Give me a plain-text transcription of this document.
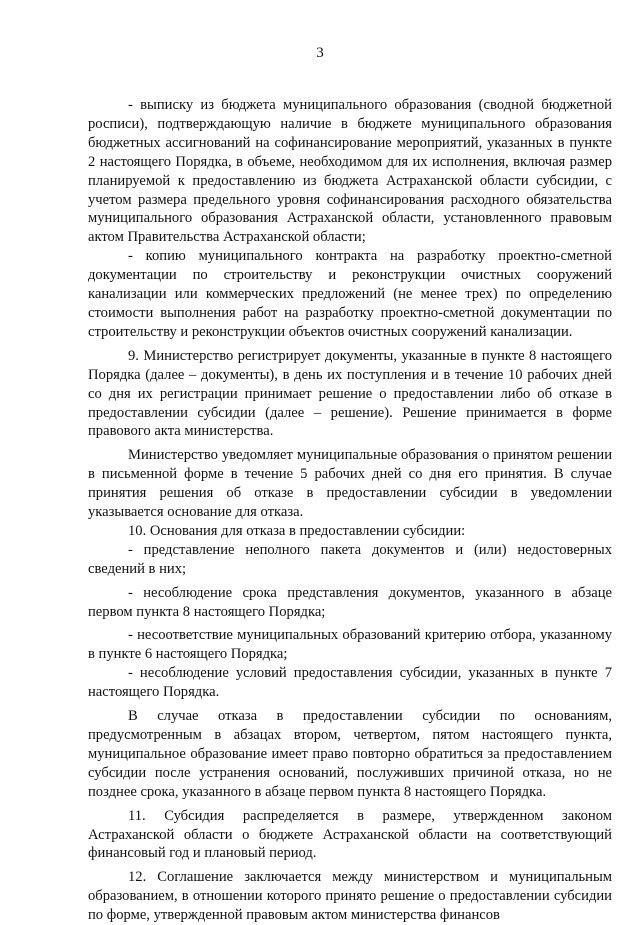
3

- выписку из бюджета муниципального образования (сводной бюджетной росписи), подтверждающую наличие в бюджете муниципального образования бюджетных ассигнований на софинансирование мероприятий, указанных в пункте 2 настоящего Порядка, в объеме, необходимом для их исполнения, включая размер планируемой к предоставлению из бюджета Астраханской области субсидии, с учетом размера предельного уровня софинансирования расходного обязательства муниципального образования Астраханской области, установленного правовым актом Правительства Астраханской области;

- копию муниципального контракта на разработку проектно-сметной документации по строительству и реконструкции очистных сооружений канализации или коммерческих предложений (не менее трех) по определению стоимости выполнения работ на разработку проектно-сметной документации по строительству и реконструкции объектов очистных сооружений канализации.

9. Министерство регистрирует документы, указанные в пункте 8 настоящего Порядка (далее – документы), в день их поступления и в течение 10 рабочих дней со дня их регистрации принимает решение о предоставлении либо об отказе в предоставлении субсидии (далее – решение). Решение принимается в форме правового акта министерства.

Министерство уведомляет муниципальные образования о принятом решении в письменной форме в течение 5 рабочих дней со дня его принятия. В случае принятия решения об отказе в предоставлении субсидии в уведомлении указывается основание для отказа.

10. Основания для отказа в предоставлении субсидии:

- представление неполного пакета документов и (или) недостоверных сведений в них;

- несоблюдение срока представления документов, указанного в абзаце первом пункта 8 настоящего Порядка;

- несоответствие муниципальных образований критерию отбора, указанному в пункте 6 настоящего Порядка;

- несоблюдение условий предоставления субсидии, указанных в пункте 7 настоящего Порядка.

В случае отказа в предоставлении субсидии по основаниям, предусмотренным в абзацах втором, четвертом, пятом настоящего пункта, муниципальное образование имеет право повторно обратиться за предоставлением субсидии после устранения оснований, послуживших причиной отказа, но не позднее срока, указанного в абзаце первом пункта 8 настоящего Порядка.

11. Субсидия распределяется в размере, утвержденном законом Астраханской области о бюджете Астраханской области на соответствующий финансовый год и плановый период.

12. Соглашение заключается между министерством и муниципальным образованием, в отношении которого принято решение о предоставлении субсидии по форме, утвержденной правовым актом министерства финансов
